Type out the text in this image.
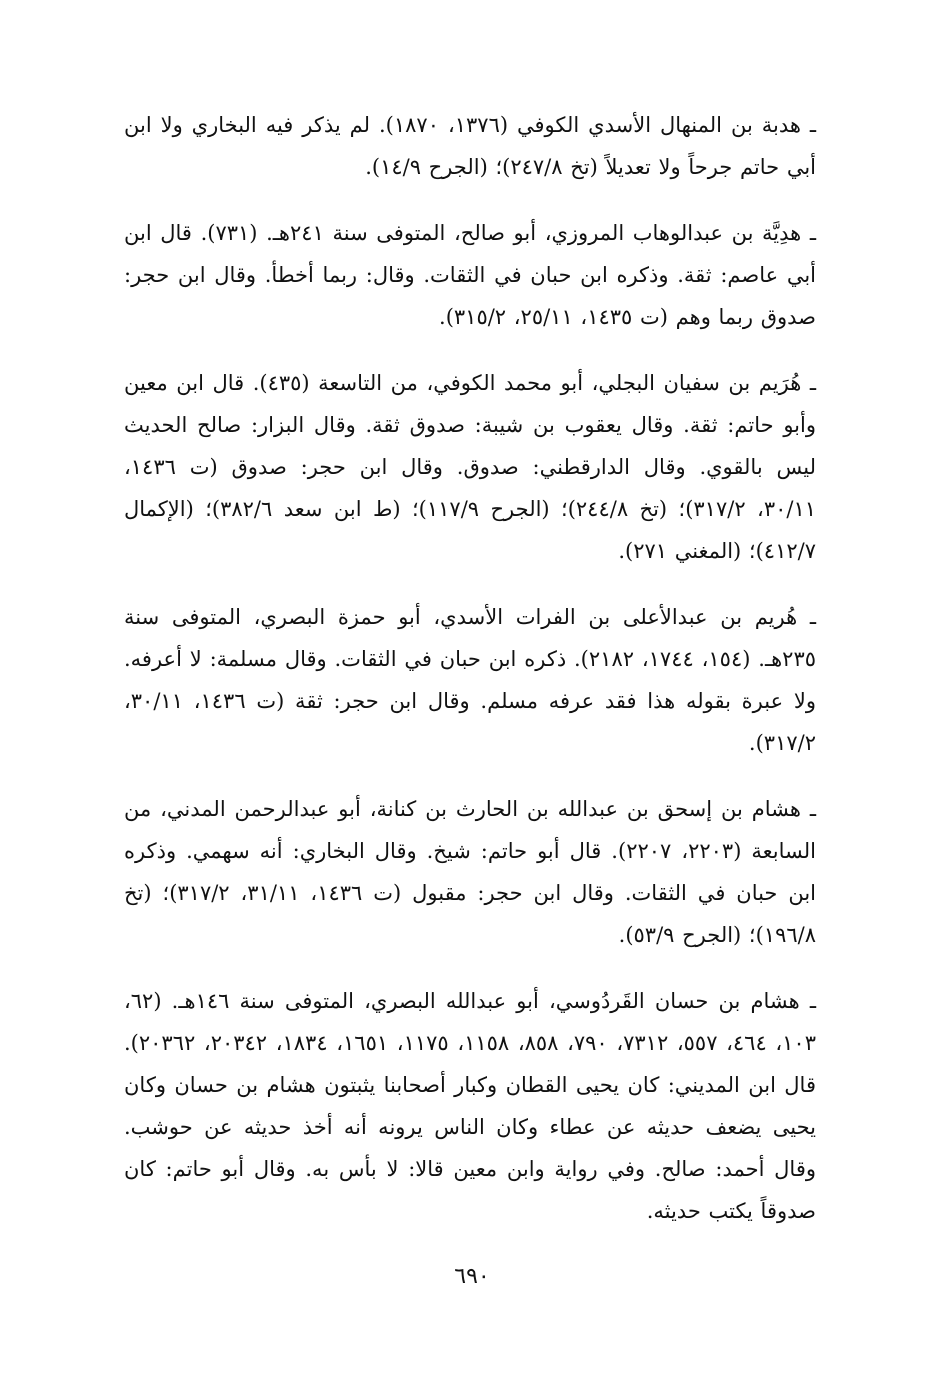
ـ هدبة بن المنهال الأسدي الكوفي (١٣٧٦، ١٨٧٠). لم يذكر فيه البخاري ولا ابن أبي حاتم جرحاً ولا تعديلاً (تخ ٢٤٧/٨)؛ (الجرح ١٤/٩).

ـ هدِيَّة بن عبدالوهاب المروزي، أبو صالح، المتوفى سنة ٢٤١هـ. (٧٣١). قال ابن أبي عاصم: ثقة. وذكره ابن حبان في الثقات. وقال: ربما أخطأ. وقال ابن حجر: صدوق ربما وهم (ت ١٤٣٥، ٢٥/١١، ٣١٥/٢).

ـ هُرَيم بن سفيان البجلي، أبو محمد الكوفي، من التاسعة (٤٣٥). قال ابن معين وأبو حاتم: ثقة. وقال يعقوب بن شيبة: صدوق ثقة. وقال البزار: صالح الحديث ليس بالقوي. وقال الدارقطني: صدوق. وقال ابن حجر: صدوق (ت ١٤٣٦، ٣٠/١١، ٣١٧/٢)؛ (تخ ٢٤٤/٨)؛ (الجرح ١١٧/٩)؛ (ط ابن سعد ٣٨٢/٦)؛ (الإكمال ٤١٢/٧)؛ (المغني ٢٧١).

ـ هُريم بن عبدالأعلى بن الفرات الأسدي، أبو حمزة البصري، المتوفى سنة ٢٣٥هـ. (١٥٤، ١٧٤٤، ٢١٨٢). ذكره ابن حبان في الثقات. وقال مسلمة: لا أعرفه. ولا عبرة بقوله هذا فقد عرفه مسلم. وقال ابن حجر: ثقة (ت ١٤٣٦، ٣٠/١١، ٣١٧/٢).

ـ هشام بن إسحق بن عبدالله بن الحارث بن كنانة، أبو عبدالرحمن المدني، من السابعة (٢٢٠٣، ٢٢٠٧). قال أبو حاتم: شيخ. وقال البخاري: أنه سهمي. وذكره ابن حبان في الثقات. وقال ابن حجر: مقبول (ت ١٤٣٦، ٣١/١١، ٣١٧/٢)؛ (تخ ١٩٦/٨)؛ (الجرح ٥٣/٩).

ـ هشام بن حسان القَردُوسي، أبو عبدالله البصري، المتوفى سنة ١٤٦هـ. (٦٢، ١٠٣، ٤٦٤، ٥٥٧، ٧٣١٢، ٧٩٠، ٨٥٨، ١١٥٨، ١١٧٥، ١٦٥١، ١٨٣٤، ٢٠٣٤٢، ٢٠٣٦٢). قال ابن المديني: كان يحيى القطان وكبار أصحابنا يثبتون هشام بن حسان وكان يحيى يضعف حديثه عن عطاء وكان الناس يرونه أنه أخذ حديثه عن حوشب. وقال أحمد: صالح. وفي رواية وابن معين قالا: لا بأس به. وقال أبو حاتم: كان صدوقاً يكتب حديثه.

٦٩٠
